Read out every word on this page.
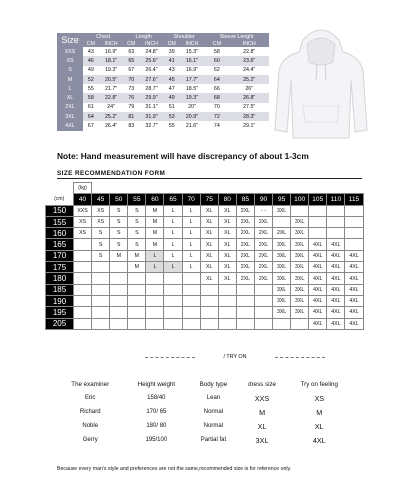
Size	Chest		Length		Shoulder		Sleeve Lenght	
	CM	INCH	CM	INCH	CM	INCH	CM	INCH
XXS	43	16.9"	63	24.8"	39	15.3"	58	22.8"
XS	46	18.1"	65	25.6"	41	16.1"	60	23.6"
S	49	19.3"	67	26.4"	43	16.9"	62	24.4"
M	52	20.5"	70	27.6"	45	17.7"	64	25.2"
L	55	21.7"	73	28.7"	47	18.5"	66	26"
XL	58	22.8"	76	29.9"	49	19.3"	68	26.8"
2XL	61	24"	79	31.1"	51	20"	70	27.5"
3XL	64	25.2"	81	31.9"	53	20.9"	72	28.3"
4XL	67	26.4"	83	32.7"	55	21.6"	74	29.1"
Note: Hand measurement will have discrepancy of about 1-3cm
SIZE RECOMMENDATION FORM
	(kg)															
(cm)	40	45	50	55	60	65	70	75	80	85	90	95	100	105	110	115
150	XXS	XS	S	S	M	L	L	XL	XL	2XL	- -	3XL				
155	XS	XS	S	S	M	L	L	XL	XL	2XL	2XL		3XL			
160	XS	S	S	S	M	L	L	XL	XL	2XL	2XL	2XL	3XL			
165		S	S	S	M	L	L	XL	XL	2XL	2XL	3XL	3XL	4XL	4XL	
170		S	M	M	L	L	L	XL	XL	2XL	2XL	3XL	3XL	4XL	4XL	4XL
175				M	L	L	L	XL	XL	2XL	2XL	3XL	3XL	4XL	4XL	4XL
180								XL	XL	2XL	2XL	3XL	3XL	4XL	4XL	4XL
185												3XL	3XL	4XL	4XL	4XL
190												3XL	3XL	4XL	4XL	4XL
195												3XL	3XL	4XL	4XL	4XL
205														4XL	4XL	4XL
/ TRY ON
The examiner	Height weight	Body type	dress size	Try on feeling
Eric	158/40	Lean	XXS	XS
Richard	170/ 65	Normal	M	M
Noble	180/ 80	Normal	XL	XL
Gerry	195/100	Partial fat	3XL	4XL
Because every man's style and preferences are not the same,recommended size is for reference only.
